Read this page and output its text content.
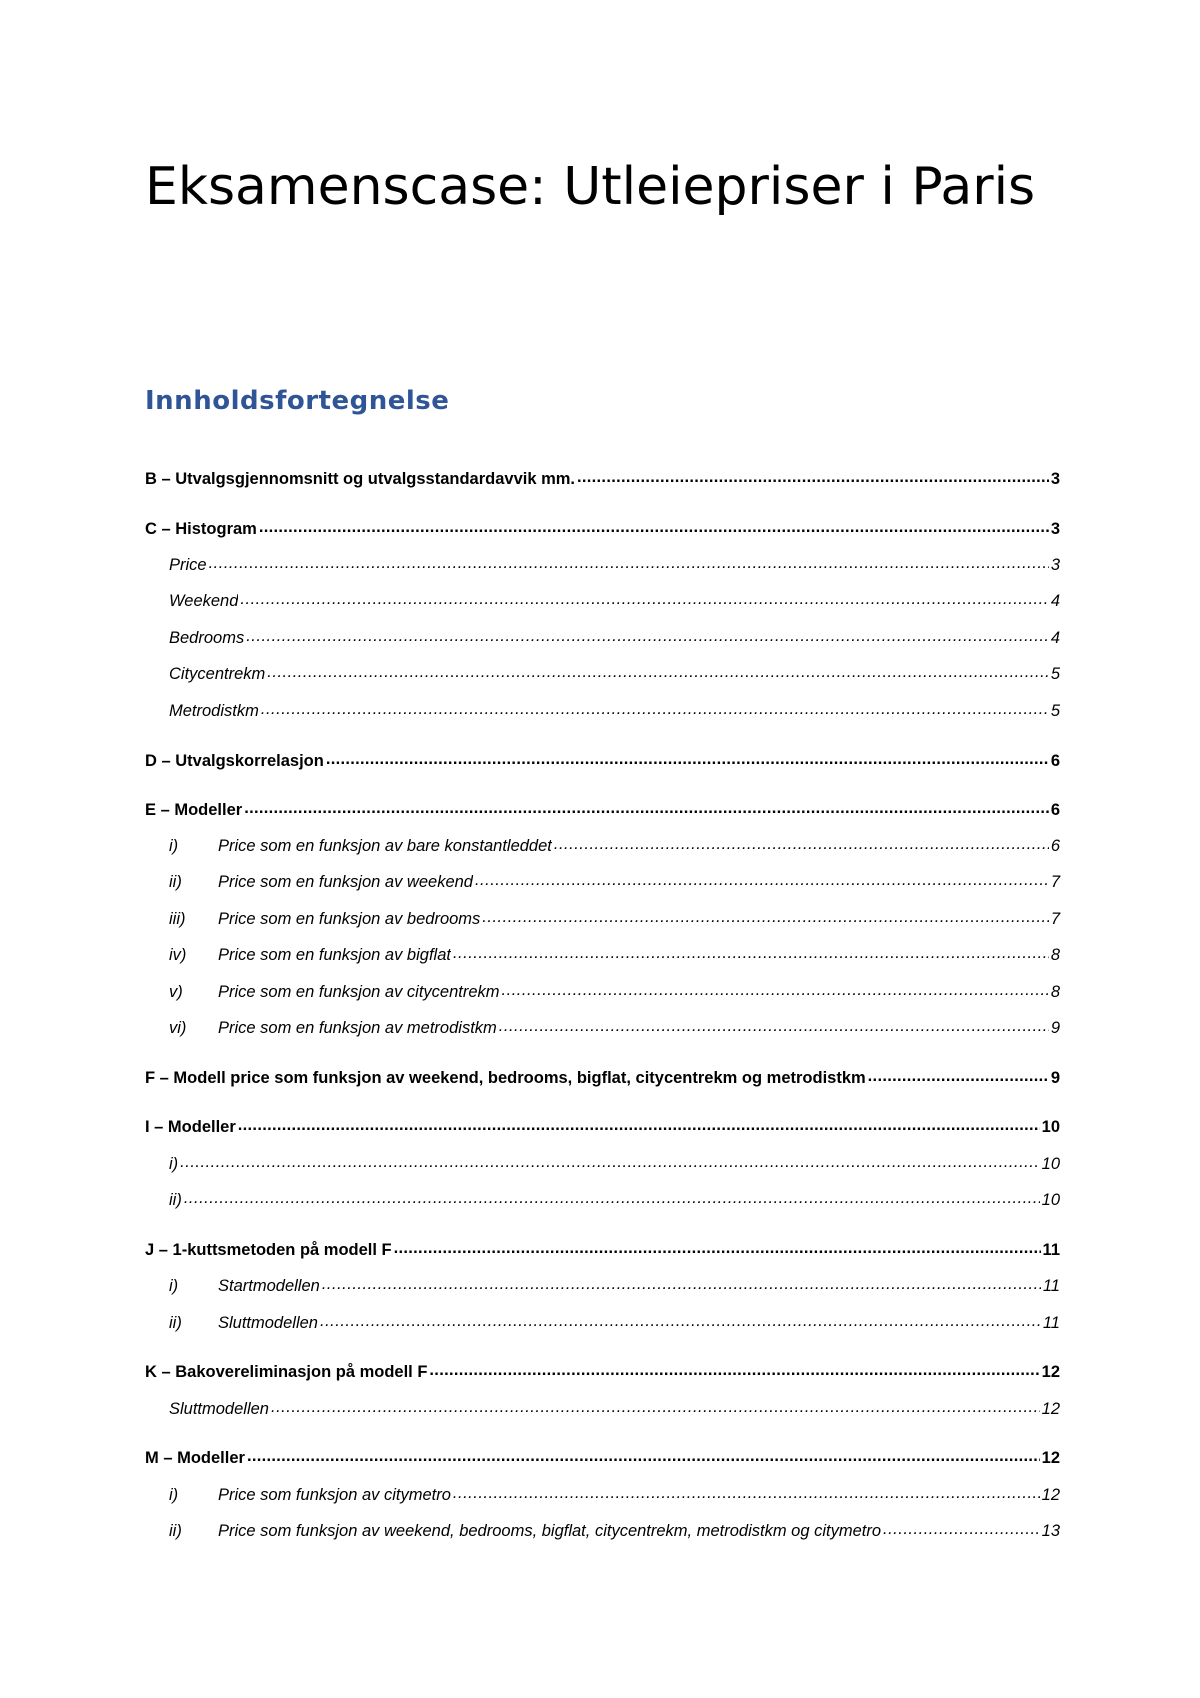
Eksamenscase: Utleiepriser i Paris
Innholdsfortegnelse
B – Utvalgsgjennomsnitt og utvalgsstandardavvik mm. .....	3
C – Histogram .....	3
Price .....	3
Weekend .....	4
Bedrooms .....	4
Citycentrekm .....	5
Metrodistkm .....	5
D – Utvalgskorrelasjon .....	6
E – Modeller .....	6
i)	Price som en funksjon av bare konstantleddet .....	6
ii)	Price som en funksjon av weekend .....	7
iii)	Price som en funksjon av bedrooms .....	7
iv)	Price som en funksjon av bigflat .....	8
v)	Price som en funksjon av citycentrekm .....	8
vi)	Price som en funksjon av metrodistkm .....	9
F – Modell price som funksjon av weekend, bedrooms, bigflat, citycentrekm og metrodistkm .....	9
I – Modeller .....	10
i) .....	10
ii) .....	10
J – 1-kuttsmetoden på modell F .....	11
i)	Startmodellen .....	11
ii)	Sluttmodellen .....	11
K – Bakovereliminasjon på modell F .....	12
Sluttmodellen .....	12
M – Modeller .....	12
i)	Price som funksjon av citymetro .....	12
ii)	Price som funksjon av weekend, bedrooms, bigflat, citycentrekm, metrodistkm og citymetro .....	13
